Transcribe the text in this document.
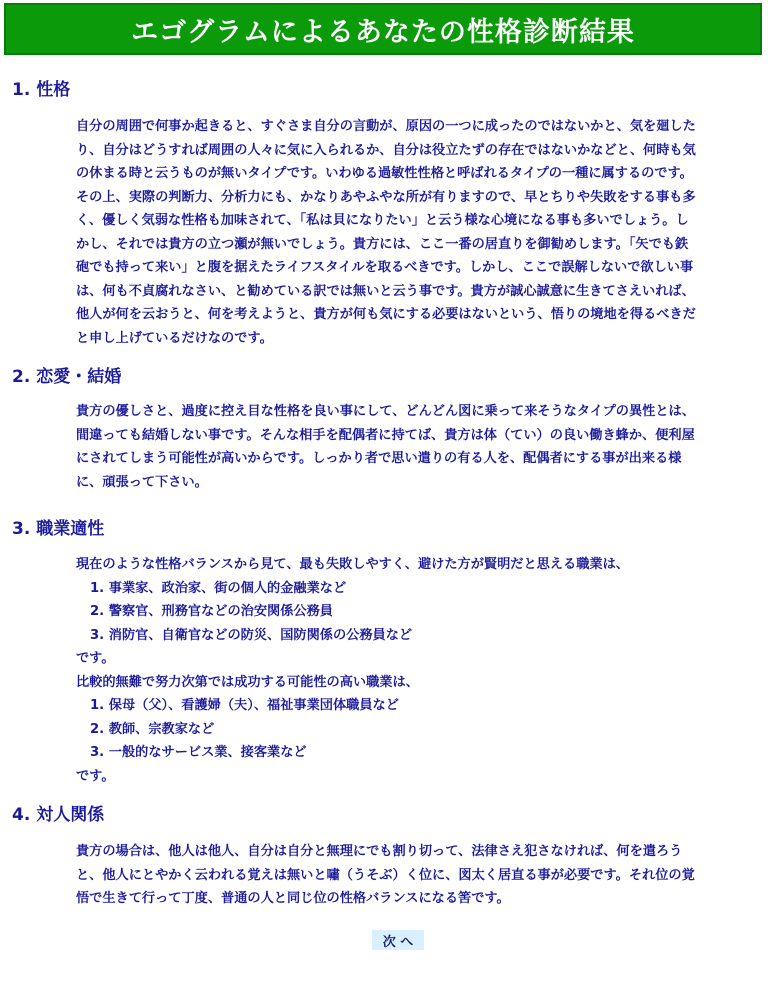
エゴグラムによるあなたの性格診断結果
1. 性格
自分の周囲で何事か起きると、すぐさま自分の言動が、原因の一つに成ったのではないかと、気を廻した
り、自分はどうすれば周囲の人々に気に入られるか、自分は役立たずの存在ではないかなどと、何時も気
の休まる時と云うものが無いタイプです。いわゆる過敏性性格と呼ばれるタイプの一種に属するのです。
その上、実際の判断力、分析力にも、かなりあやふやな所が有りますので、早とちりや失敗をする事も多
く、優しく気弱な性格も加味されて、「私は貝になりたい」と云う様な心境になる事も多いでしょう。し
かし、それでは貴方の立つ瀬が無いでしょう。貴方には、ここ一番の居直りを御勧めします。「矢でも鉄
砲でも持って来い」と腹を据えたライフスタイルを取るべきです。しかし、ここで誤解しないで欲しい事
は、何も不貞腐れなさい、と勧めている訳では無いと云う事です。貴方が誠心誠意に生きてさえいれば、
他人が何を云おうと、何を考えようと、貴方が何も気にする必要はないという、悟りの境地を得るべきだ
と申し上げているだけなのです。
2. 恋愛・結婚
貴方の優しさと、過度に控え目な性格を良い事にして、どんどん図に乗って来そうなタイプの異性とは、
間違っても結婚しない事です。そんな相手を配偶者に持てば、貴方は体（てい）の良い働き蜂か、便利屋
にされてしまう可能性が高いからです。しっかり者で思い遣りの有る人を、配偶者にする事が出来る様
に、頑張って下さい。
3. 職業適性
現在のような性格バランスから見て、最も失敗しやすく、避けた方が賢明だと思える職業は、
1. 事業家、政治家、街の個人的金融業など
2. 警察官、刑務官などの治安関係公務員
3. 消防官、自衛官などの防災、国防関係の公務員など
です。
比較的無難で努力次第では成功する可能性の高い職業は、
1. 保母（父）、看護婦（夫）、福祉事業団体職員など
2. 教師、宗教家など
3. 一般的なサービス業、接客業など
です。
4. 対人関係
貴方の場合は、他人は他人、自分は自分と無理にでも割り切って、法律さえ犯さなければ、何を遣ろう
と、他人にとやかく云われる覚えは無いと嘯（うそぶ）く位に、図太く居直る事が必要です。それ位の覚
悟で生きて行って丁度、普通の人と同じ位の性格バランスになる筈です。
次 へ
